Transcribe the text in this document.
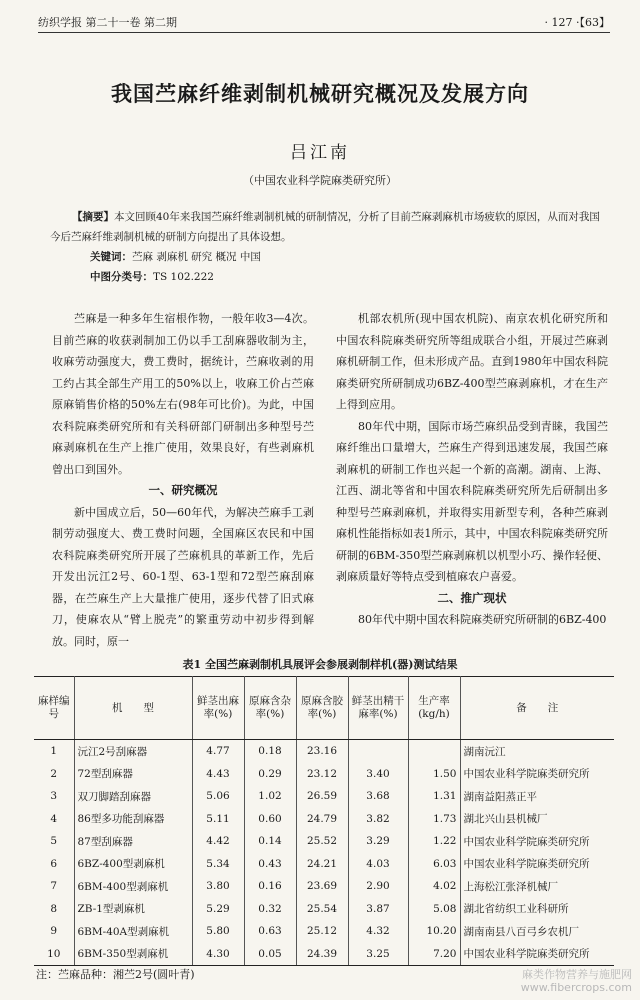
纺织学报 第二十一卷 第二期	· 127 ·【63】
我国苎麻纤维剥制机械研究概况及发展方向
吕江南
（中国农业科学院麻类研究所）

【摘要】本文回顾40年来我国苎麻纤维剥制机械的研制情况，分析了目前苎麻剥麻机市场疲软的原因，从而对我国今后苎麻纤维剥制机械的研制方向提出了具体设想。

关键词：苎麻 剥麻机 研究 概况 中国

中图分类号：TS 102.222

苎麻是一种多年生宿根作物，一般年收3—4次。目前苎麻的收获剥制加工仍以手工刮麻器收制为主，收麻劳动强度大，费工费时，据统计，苎麻收剥的用工约占其全部生产用工的50%以上，收麻工价占苎麻原麻销售价格的50%左右(98年可比价)。为此，中国农科院麻类研究所和有关科研部门研制出多种型号苎麻剥麻机在生产上推广使用，效果良好，有些剥麻机曾出口到国外。

一、研究概况

新中国成立后，50—60年代，为解决苎麻手工剥制劳动强度大、费工费时问题，全国麻区农民和中国农科院麻类研究所开展了苎麻机具的革新工作，先后开发出沅江2号、60-1型、63-1型和72型苎麻刮麻器，在苎麻生产上大量推广使用，逐步代替了旧式麻刀，使麻农从“臂上脱壳”的繁重劳动中初步得到解放。同时，原一

机部农机所(现中国农机院)、南京农机化研究所和中国农科院麻类研究所等组成联合小组，开展过苎麻剥麻机研制工作，但未形成产品。直到1980年中国农科院麻类研究所研制成功6BZ-400型苎麻剥麻机，才在生产上得到应用。

80年代中期，国际市场苎麻织品受到青睐，我国苎麻纤维出口量增大，苎麻生产得到迅速发展，我国苎麻剥麻机的研制工作也兴起一个新的高潮。湖南、上海、江西、湖北等省和中国农科院麻类研究所先后研制出多种型号苎麻剥麻机，并取得实用新型专利，各种苎麻剥麻机性能指标如表1所示，其中，中国农科院麻类研究所研制的6BM-350型苎麻剥麻机以机型小巧、操作轻便、剥麻质量好等特点受到植麻农户喜爱。

二、推广现状

80年代中期中国农科院麻类研究所研制的6BZ-400

表1 全国苎麻剥制机具展评会参展剥制样机(器)测试结果
麻样编号	机　　型	鲜茎出麻率(%)	原麻含杂率(%)	原麻含胶率(%)	鲜茎出精干麻率(%)	生产率(kg/h)	备　　注
1	沅江2号刮麻器	4.77	0.18	23.16			湖南沅江
2	72型刮麻器	4.43	0.29	23.12	3.40	1.50	中国农业科学院麻类研究所
3	双刀脚踏刮麻器	5.06	1.02	26.59	3.68	1.31	湖南益阳蒸正平
4	86型多功能刮麻器	5.11	0.60	24.79	3.82	1.73	湖北兴山县机械厂
5	87型刮麻器	4.42	0.14	25.52	3.29	1.22	中国农业科学院麻类研究所
6	6BZ-400型剥麻机	5.34	0.43	24.21	4.03	6.03	中国农业科学院麻类研究所
7	6BM-400型剥麻机	3.80	0.16	23.69	2.90	4.02	上海松江张泽机械厂
8	ZB-1型剥麻机	5.29	0.32	25.54	3.87	5.08	湖北省纺织工业科研所
9	6BM-40A型剥麻机	5.80	0.63	25.12	4.32	10.20	湖南南县八百弓乡农机厂
10	6BM-350型剥麻机	4.30	0.05	24.39	3.25	7.20	中国农业科学院麻类研究所
注：苎麻品种：湘苎2号(圆叶青)	麻类作物营养与施肥网
www.fibercrops.com
